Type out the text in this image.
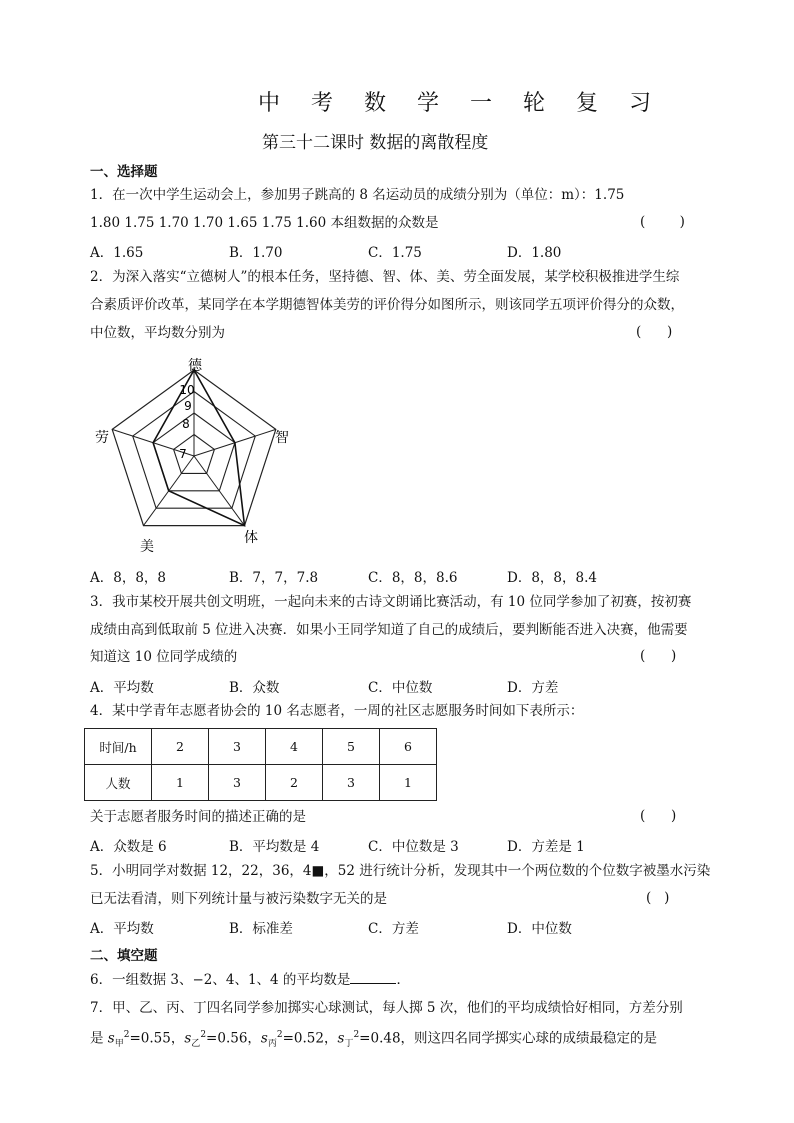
中 考 数 学 一 轮 复 习
第三十二课时 数据的离散程度
一、选择题
1．在一次中学生运动会上，参加男子跳高的 8 名运动员的成绩分别为（单位：m）：1.75
1.80 1.75 1.70 1.70 1.65 1.75 1.60 本组数据的众数是	(        )
A．1.65	B．1.70	C．1.75	D．1.80
2．为深入落实“立德树人”的根本任务，坚持德、智、体、美、劳全面发展，某学校积极推进学生综
合素质评价改革，某同学在本学期德智体美劳的评价得分如图所示，则该同学五项评价得分的众数，
中位数，平均数分别为	(      )
德
智
体
美
劳
7
8
9
10
A．8，8，8	B．7，7，7.8	C．8，8，8.6	D．8，8，8.4
3．我市某校开展共创文明班，一起向未来的古诗文朗诵比赛活动，有 10 位同学参加了初赛，按初赛
成绩由高到低取前 5 位进入决赛．如果小王同学知道了自己的成绩后，要判断能否进入决赛，他需要
知道这 10 位同学成绩的	(      )
A．平均数	B．众数	C．中位数	D．方差
4．某中学青年志愿者协会的 10 名志愿者，一周的社区志愿服务时间如下表所示：
时间/h	2	3	4	5	6
人数	1	3	2	3	1
关于志愿者服务时间的描述正确的是	(      )
A．众数是 6	B．平均数是 4	C．中位数是 3	D．方差是 1
5．小明同学对数据 12，22，36，4■，52 进行统计分析，发现其中一个两位数的个位数字被墨水污染
已无法看清，则下列统计量与被污染数字无关的是	(   )
A．平均数	B．标准差	C．方差	D．中位数
二、填空题
6．一组数据 3、−2、4、1、4 的平均数是	．
7．甲、乙、丙、丁四名同学参加掷实心球测试，每人掷 5 次，他们的平均成绩恰好相同，方差分别
是 $s_甲^2=0.55$，$s_乙^2=0.56$，$s_丙^2=0.52$，$s_丁^2=0.48$，则这四名同学掷实心球的成绩最稳定的是
